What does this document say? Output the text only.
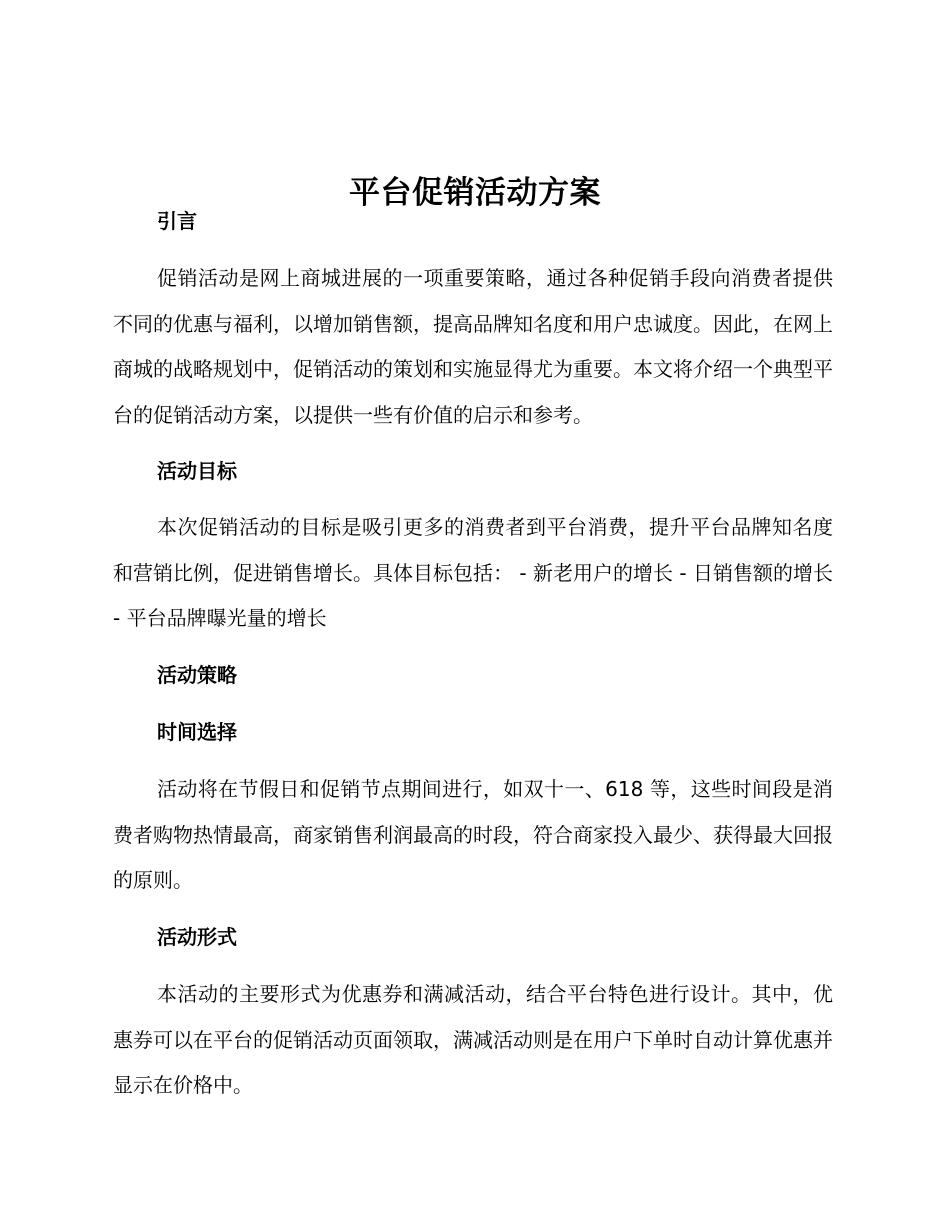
平台促销活动方案
引言

促销活动是网上商城进展的一项重要策略，通过各种促销手段向消费者提供不同的优惠与福利，以增加销售额，提高品牌知名度和用户忠诚度。因此，在网上商城的战略规划中，促销活动的策划和实施显得尤为重要。本文将介绍一个典型平台的促销活动方案，以提供一些有价值的启示和参考。

活动目标

本次促销活动的目标是吸引更多的消费者到平台消费，提升平台品牌知名度和营销比例，促进销售增长。具体目标包括： - 新老用户的增长 - 日销售额的增长 - 平台品牌曝光量的增长

活动策略
时间选择

活动将在节假日和促销节点期间进行，如双十一、618 等，这些时间段是消费者购物热情最高，商家销售利润最高的时段，符合商家投入最少、获得最大回报的原则。

活动形式

本活动的主要形式为优惠券和满减活动，结合平台特色进行设计。其中，优惠券可以在平台的促销活动页面领取，满减活动则是在用户下单时自动计算优惠并显示在价格中。
